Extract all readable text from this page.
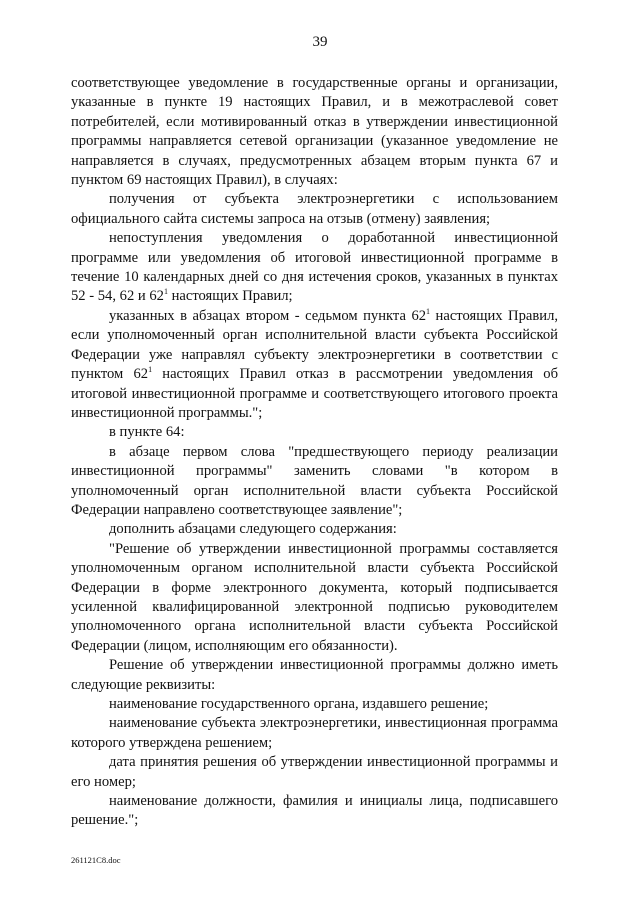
39

соответствующее уведомление в государственные органы и организации, указанные в пункте 19 настоящих Правил, и в межотраслевой совет потребителей, если мотивированный отказ в утверждении инвестиционной программы направляется сетевой организации (указанное уведомление не направляется в случаях, предусмотренных абзацем вторым пункта 67 и пунктом 69 настоящих Правил), в случаях:

получения от субъекта электроэнергетики с использованием официального сайта системы запроса на отзыв (отмену) заявления;

непоступления уведомления о доработанной инвестиционной программе или уведомления об итоговой инвестиционной программе в течение 10 календарных дней со дня истечения сроков, указанных в пунктах 52 - 54, 62 и $62^1$ настоящих Правил;

указанных в абзацах втором - седьмом пункта $62^1$ настоящих Правил, если уполномоченный орган исполнительной власти субъекта Российской Федерации уже направлял субъекту электроэнергетики в соответствии с пунктом $62^1$ настоящих Правил отказ в рассмотрении уведомления об итоговой инвестиционной программе и соответствующего итогового проекта инвестиционной программы.";

в пункте 64:

в абзаце первом слова "предшествующего периоду реализации инвестиционной программы" заменить словами "в котором в уполномоченный орган исполнительной власти субъекта Российской Федерации направлено соответствующее заявление";

дополнить абзацами следующего содержания:

"Решение об утверждении инвестиционной программы составляется уполномоченным органом исполнительной власти субъекта Российской Федерации в форме электронного документа, который подписывается усиленной квалифицированной электронной подписью руководителем уполномоченного органа исполнительной власти субъекта Российской Федерации (лицом, исполняющим его обязанности).

Решение об утверждении инвестиционной программы должно иметь следующие реквизиты:

наименование государственного органа, издавшего решение;

наименование субъекта электроэнергетики, инвестиционная программа которого утверждена решением;

дата принятия решения об утверждении инвестиционной программы и его номер;

наименование должности, фамилия и инициалы лица, подписавшего решение.";

261121C8.doc
